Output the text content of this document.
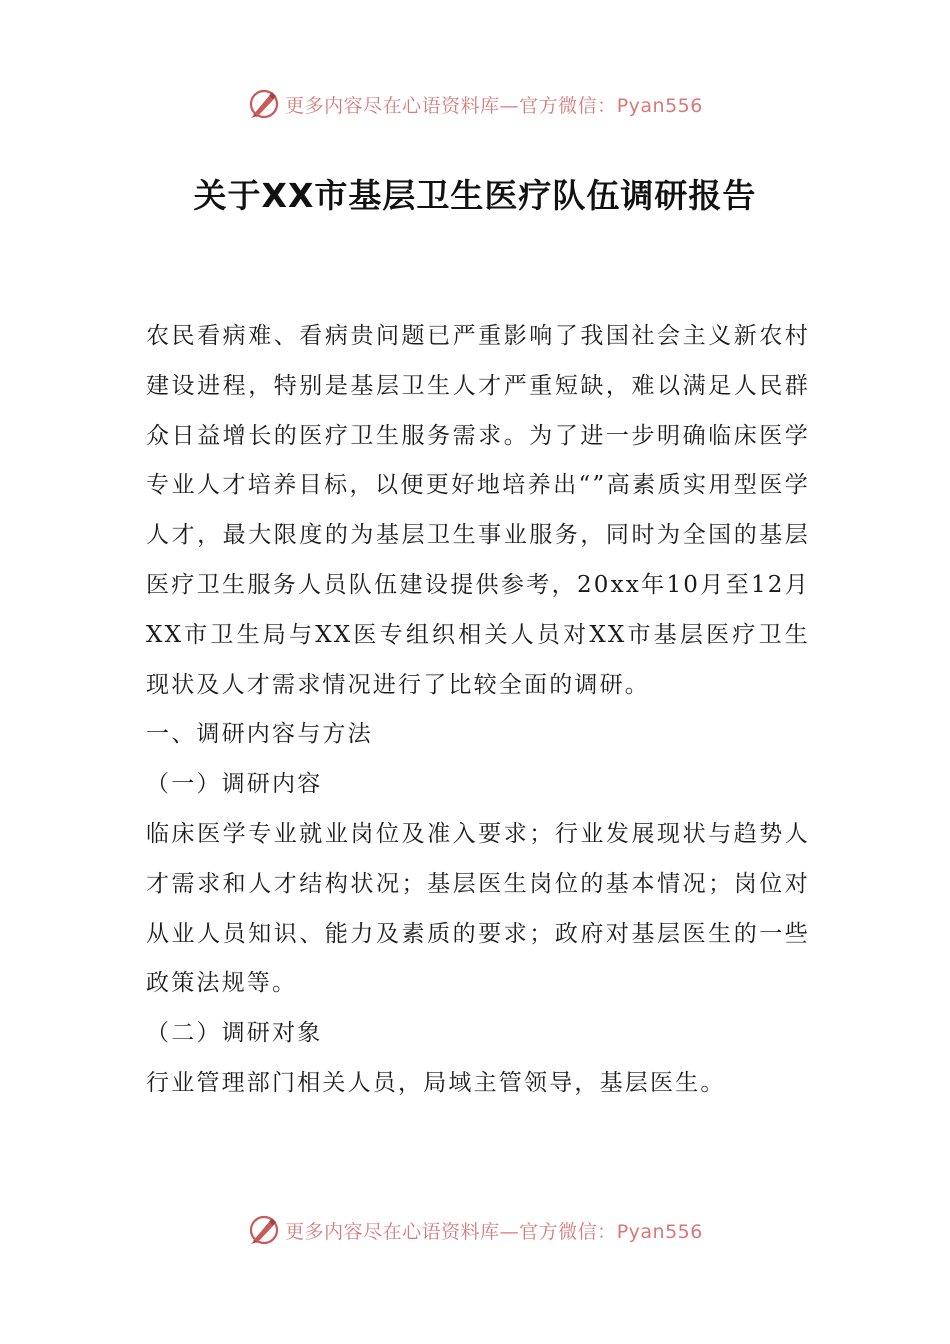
更多内容尽在心语资料库—官方微信：Pyan556
关于XX市基层卫生医疗队伍调研报告

农民看病难、看病贵问题已严重影响了我国社会主义新农村建设进程，特别是基层卫生人才严重短缺，难以满足人民群众日益增长的医疗卫生服务需求。为了进一步明确临床医学专业人才培养目标，以便更好地培养出“”高素质实用型医学人才，最大限度的为基层卫生事业服务，同时为全国的基层医疗卫生服务人员队伍建设提供参考，20xx年10月至12月XX市卫生局与XX医专组织相关人员对XX市基层医疗卫生现状及人才需求情况进行了比较全面的调研。

一、调研内容与方法
（一）调研内容

临床医学专业就业岗位及准入要求；行业发展现状与趋势人才需求和人才结构状况；基层医生岗位的基本情况；岗位对从业人员知识、能力及素质的要求；政府对基层医生的一些政策法规等。

（二）调研对象

行业管理部门相关人员，局域主管领导，基层医生。

更多内容尽在心语资料库—官方微信：Pyan556
